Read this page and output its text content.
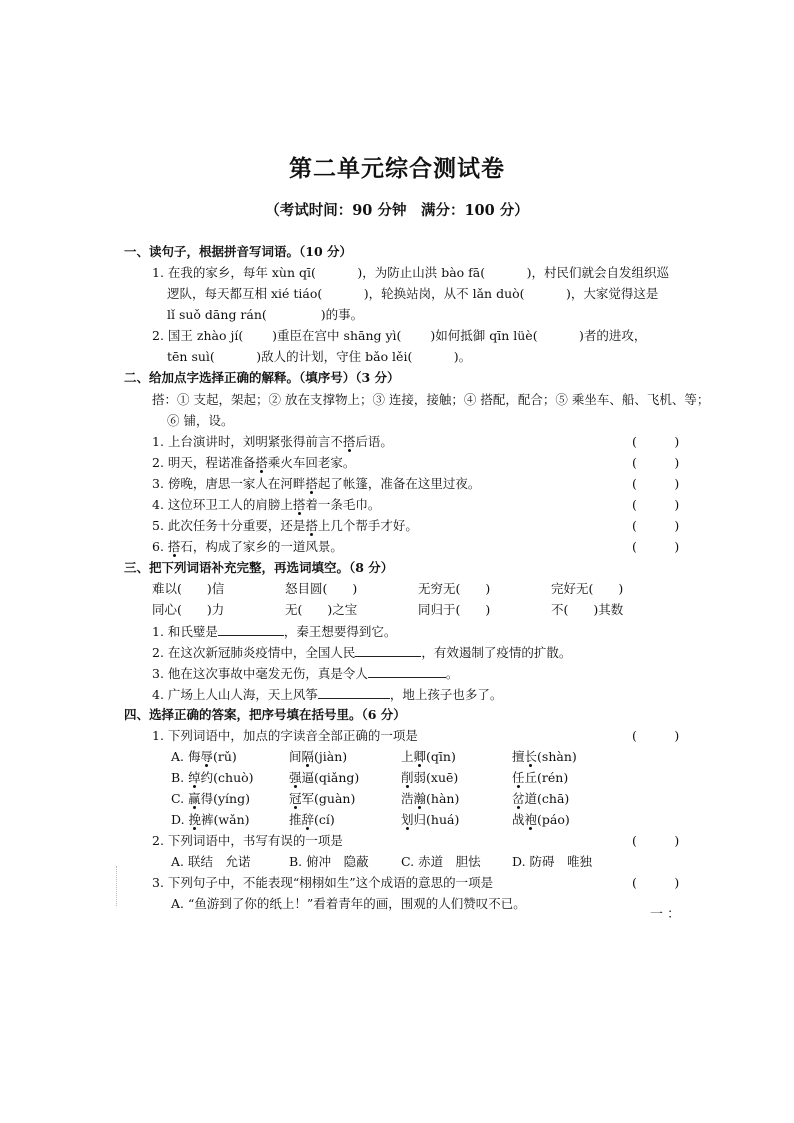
第二单元综合测试卷
（考试时间：90 分钟　满分：100 分）
一、读句子，根据拼音写词语。（10 分）
1. 在我的家乡，每年 xùn qī(　　　 )，为防止山洪 bào fā(　　　 )，村民们就会自发组织巡
逻队，每天都互相 xié tiáo(　　　 )，轮换站岗，从不 lǎn duò(　　　 )，大家觉得这是
lǐ suǒ dāng rán(　　　　 )的事。
2. 国王 zhào jí(　　 )重臣在宫中 shāng yì(　　 )如何抵御 qīn lüè(　　　 )者的进攻，
tēn suì(　　　 )敌人的计划，守住 bǎo lěi(　　　 )。
二、给加点字选择正确的解释。（填序号）（3 分）
搭：① 支起，架起；② 放在支撑物上；③ 连接，接触；④ 搭配，配合；⑤ 乘坐车、船、飞机、等；
⑥ 铺，设。
1. 上台演讲时，刘明紧张得前言不搭后语。	(　　　)
2. 明天，程诺准备搭乘火车回老家。	(　　　)
3. 傍晚，唐思一家人在河畔搭起了帐篷，准备在这里过夜。	(　　　)
4. 这位环卫工人的肩膀上搭着一条毛巾。	(　　　)
5. 此次任务十分重要，还是搭上几个帮手才好。	(　　　)
6. 搭石，构成了家乡的一道风景。	(　　　)
三、把下列词语补充完整，再选词填空。（8 分）
难以(　　)信	怒目圆(　　)	无穷无(　　)	完好无(　　)
同心(　　)力	无(　　)之宝	同归于(　　)	不(　　)其数
1. 和氏璧是	，秦王想要得到它。
2. 在这次新冠肺炎疫情中，全国人民	，有效遏制了疫情的扩散。
3. 他在这次事故中毫发无伤，真是令人	。
4. 广场上人山人海，天上风筝	，地上孩子也多了。
四、选择正确的答案，把序号填在括号里。（6 分）
1. 下列词语中，加点的字读音全部正确的一项是	(　　　)
A. 侮辱(rǔ)	间隔(jiàn)	上卿(qīn)	擅长(shàn)
B. 绰约(chuò)	强逼(qiǎng)	削弱(xuē)	任丘(rén)
C. 赢得(yíng)	冠军(guàn)	浩瀚(hàn)	岔道(chā)
D. 挽裤(wǎn)	推辞(cí)	划归(huá)	战袍(páo)
2. 下列词语中，书写有误的一项是	(　　　)
A. 联结　允诺	B. 俯冲　隐蔽	C. 赤道　胆怯	D. 防碍　唯独
3. 下列句子中，不能表现“栩栩如生”这个成语的意思的一项是	(　　　)
A. “鱼游到了你的纸上！”看着青年的画，围观的人们赞叹不已。
一 ：
